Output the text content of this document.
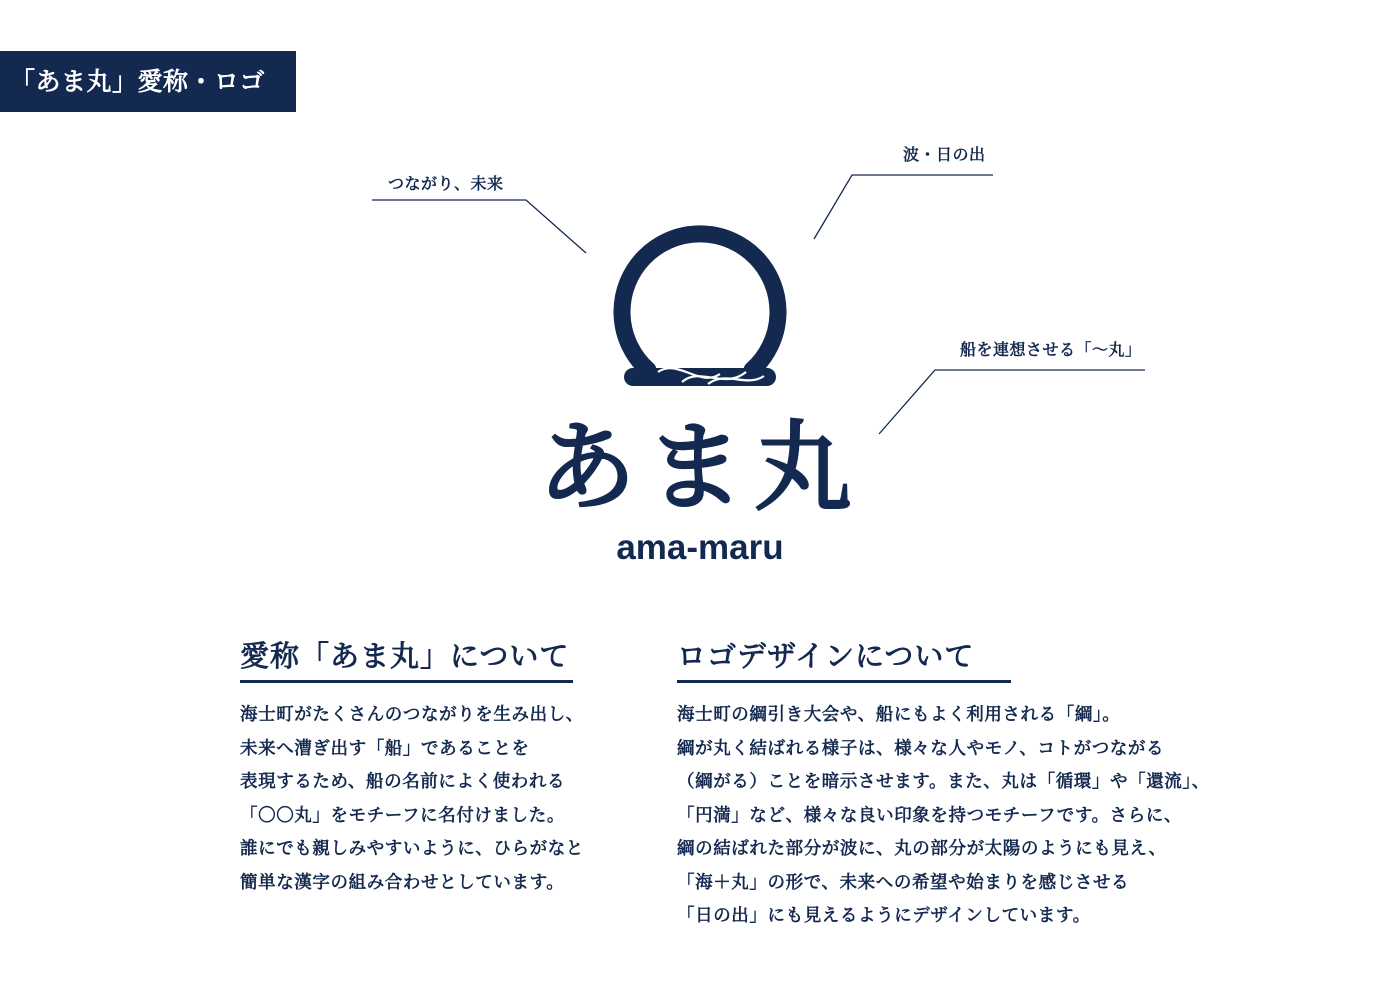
「あま丸」愛称・ロゴ
つながり、未来
波・日の出
船を連想させる「〜丸」
あま丸
ama-maru
愛称「あま丸」について
海士町がたくさんのつながりを生み出し、
未来へ漕ぎ出す「船」であることを
表現するため、船の名前によく使われる
「〇〇丸」をモチーフに名付けました。
誰にでも親しみやすいように、ひらがなと
簡単な漢字の組み合わせとしています。
ロゴデザインについて
海士町の綱引き大会や、船にもよく利用される「綱」。
綱が丸く結ばれる様子は、様々な人やモノ、コトがつながる
（綱がる）ことを暗示させます。また、丸は「循環」や「還流」、
「円満」など、様々な良い印象を持つモチーフです。さらに、
綱の結ばれた部分が波に、丸の部分が太陽のようにも見え、
「海＋丸」の形で、未来への希望や始まりを感じさせる
「日の出」にも見えるようにデザインしています。
